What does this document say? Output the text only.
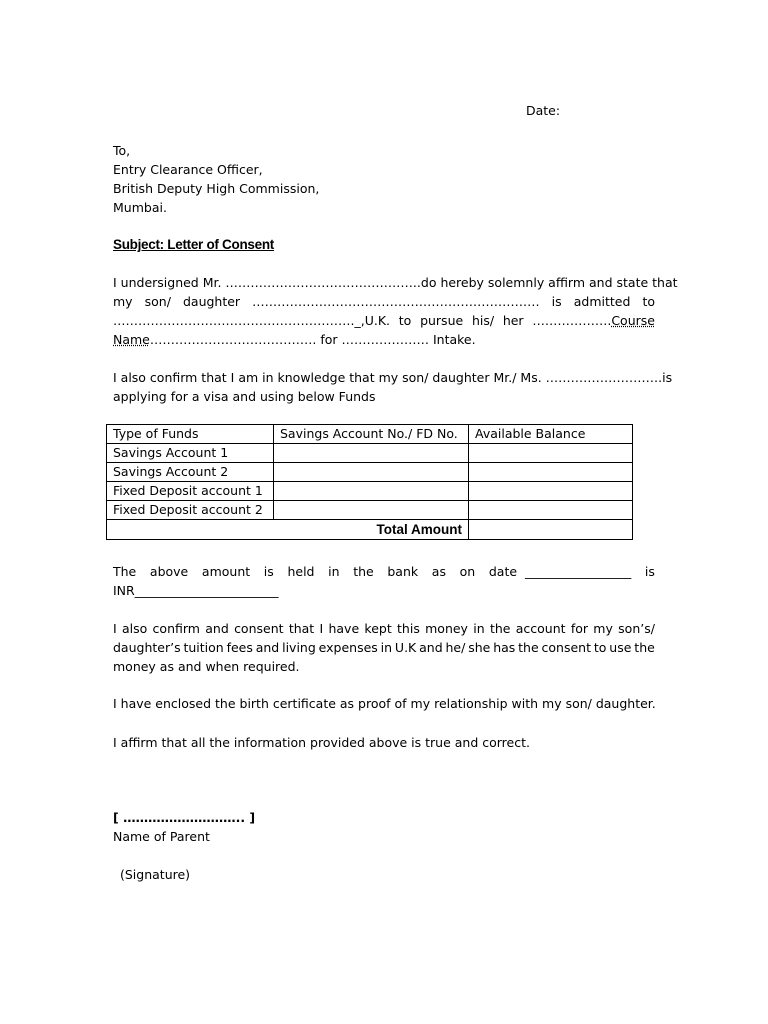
Date:
To,
Entry Clearance Officer,
British Deputy High Commission,
Mumbai.
Subject: Letter of Consent
I undersigned Mr. ……………………………………….. do hereby solemnly affirm and state that
my son/ daughter …………………………………………………………… is admitted to
…………………………………………………._,U.K. to pursue his/ her ……………….Course
Name…………………………………. for ………………… Intake.
I also confirm that I am in knowledge that my son/ daughter Mr./ Ms. ……………………….is
applying for a visa and using below Funds
Type of Funds	Savings Account No./ FD No.	Available Balance
Savings Account 1		
Savings Account 2		
Fixed Deposit account 1		
Fixed Deposit account 2		
Total Amount		
The above amount is held in the bank as on date  _________________ is
INR_______________________
I also confirm and consent that I have kept this money in the account for my son’s/
daughter’s tuition fees and living expenses in U.K and he/ she has the consent to use the
money as and when required.
I have enclosed the birth certificate as proof of my relationship with my son/ daughter.
I affirm that all the information provided above is true and correct.
[ ……………………….. ]
Name of Parent
(Signature)
